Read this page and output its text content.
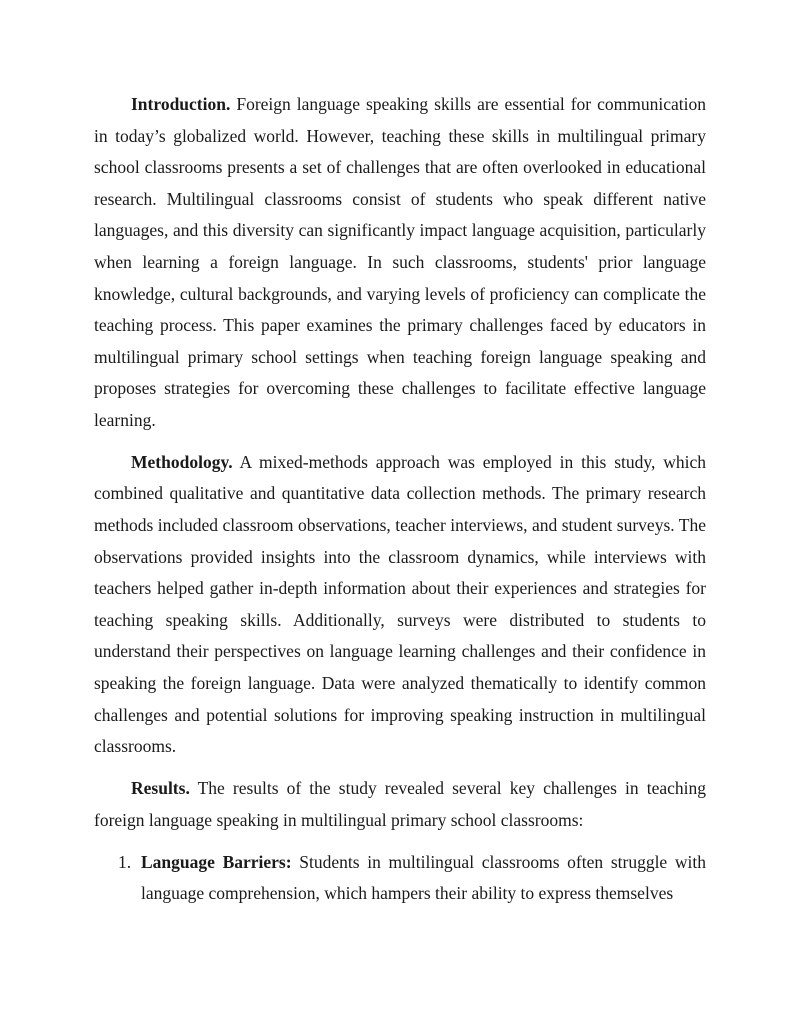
Introduction. Foreign language speaking skills are essential for communication in today’s globalized world. However, teaching these skills in multilingual primary school classrooms presents a set of challenges that are often overlooked in educational research. Multilingual classrooms consist of students who speak different native languages, and this diversity can significantly impact language acquisition, particularly when learning a foreign language. In such classrooms, students' prior language knowledge, cultural backgrounds, and varying levels of proficiency can complicate the teaching process. This paper examines the primary challenges faced by educators in multilingual primary school settings when teaching foreign language speaking and proposes strategies for overcoming these challenges to facilitate effective language learning.

Methodology. A mixed-methods approach was employed in this study, which combined qualitative and quantitative data collection methods. The primary research methods included classroom observations, teacher interviews, and student surveys. The observations provided insights into the classroom dynamics, while interviews with teachers helped gather in-depth information about their experiences and strategies for teaching speaking skills. Additionally, surveys were distributed to students to understand their perspectives on language learning challenges and their confidence in speaking the foreign language. Data were analyzed thematically to identify common challenges and potential solutions for improving speaking instruction in multilingual classrooms.

Results. The results of the study revealed several key challenges in teaching foreign language speaking in multilingual primary school classrooms:

1. Language Barriers: Students in multilingual classrooms often struggle with language comprehension, which hampers their ability to express themselves
